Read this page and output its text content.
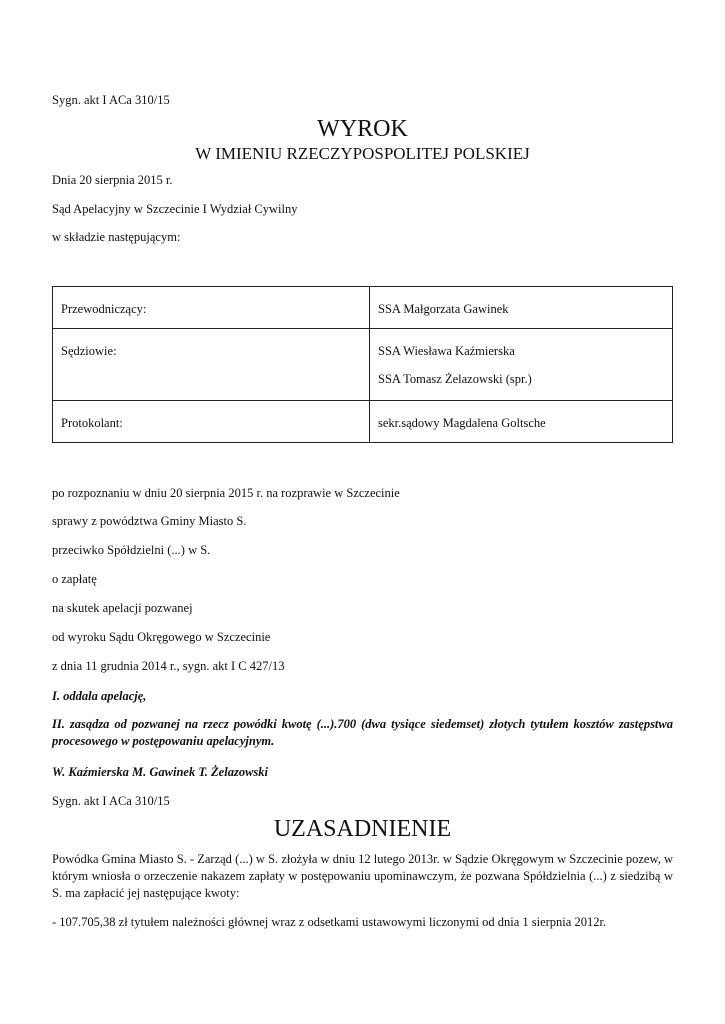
Sygn. akt I ACa 310/15
WYROK
W IMIENIU RZECZYPOSPOLITEJ POLSKIEJ
Dnia 20 sierpnia 2015 r.
Sąd Apelacyjny w Szczecinie I Wydział Cywilny
w składzie następującym:
Przewodniczący:	SSA Małgorzata Gawinek

Sędziowie:	SSA Wiesława Kaźmierska
SSA Tomasz Żelazowski (spr.)

Protokolant:	sekr.sądowy Magdalena Goltsche
po rozpoznaniu w dniu 20 sierpnia 2015 r. na rozprawie w Szczecinie
sprawy z powództwa Gminy Miasto S.
przeciwko Spółdzielni (...) w S.
o zapłatę
na skutek apelacji pozwanej
od wyroku Sądu Okręgowego w Szczecinie
z dnia 11 grudnia 2014 r., sygn. akt I C 427/13
I. oddala apelację,
II. zasądza od pozwanej na rzecz powódki kwotę (...).700 (dwa tysiące siedemset) złotych tytułem kosztów zastępstwa procesowego w postępowaniu apelacyjnym.
W. Kaźmierska M. Gawinek T. Żelazowski
Sygn. akt I ACa 310/15
UZASADNIENIE
Powódka Gmina Miasto S. - Zarząd (...) w S. złożyła w dniu 12 lutego 2013r. w Sądzie Okręgowym w Szczecinie pozew, w którym wniosła o orzeczenie nakazem zapłaty w postępowaniu upominawczym, że pozwana Spółdzielnia (...) z siedzibą w S. ma zapłacić jej następujące kwoty:
- 107.705,38 zł tytułem należności głównej wraz z odsetkami ustawowymi liczonymi od dnia 1 sierpnia 2012r.
